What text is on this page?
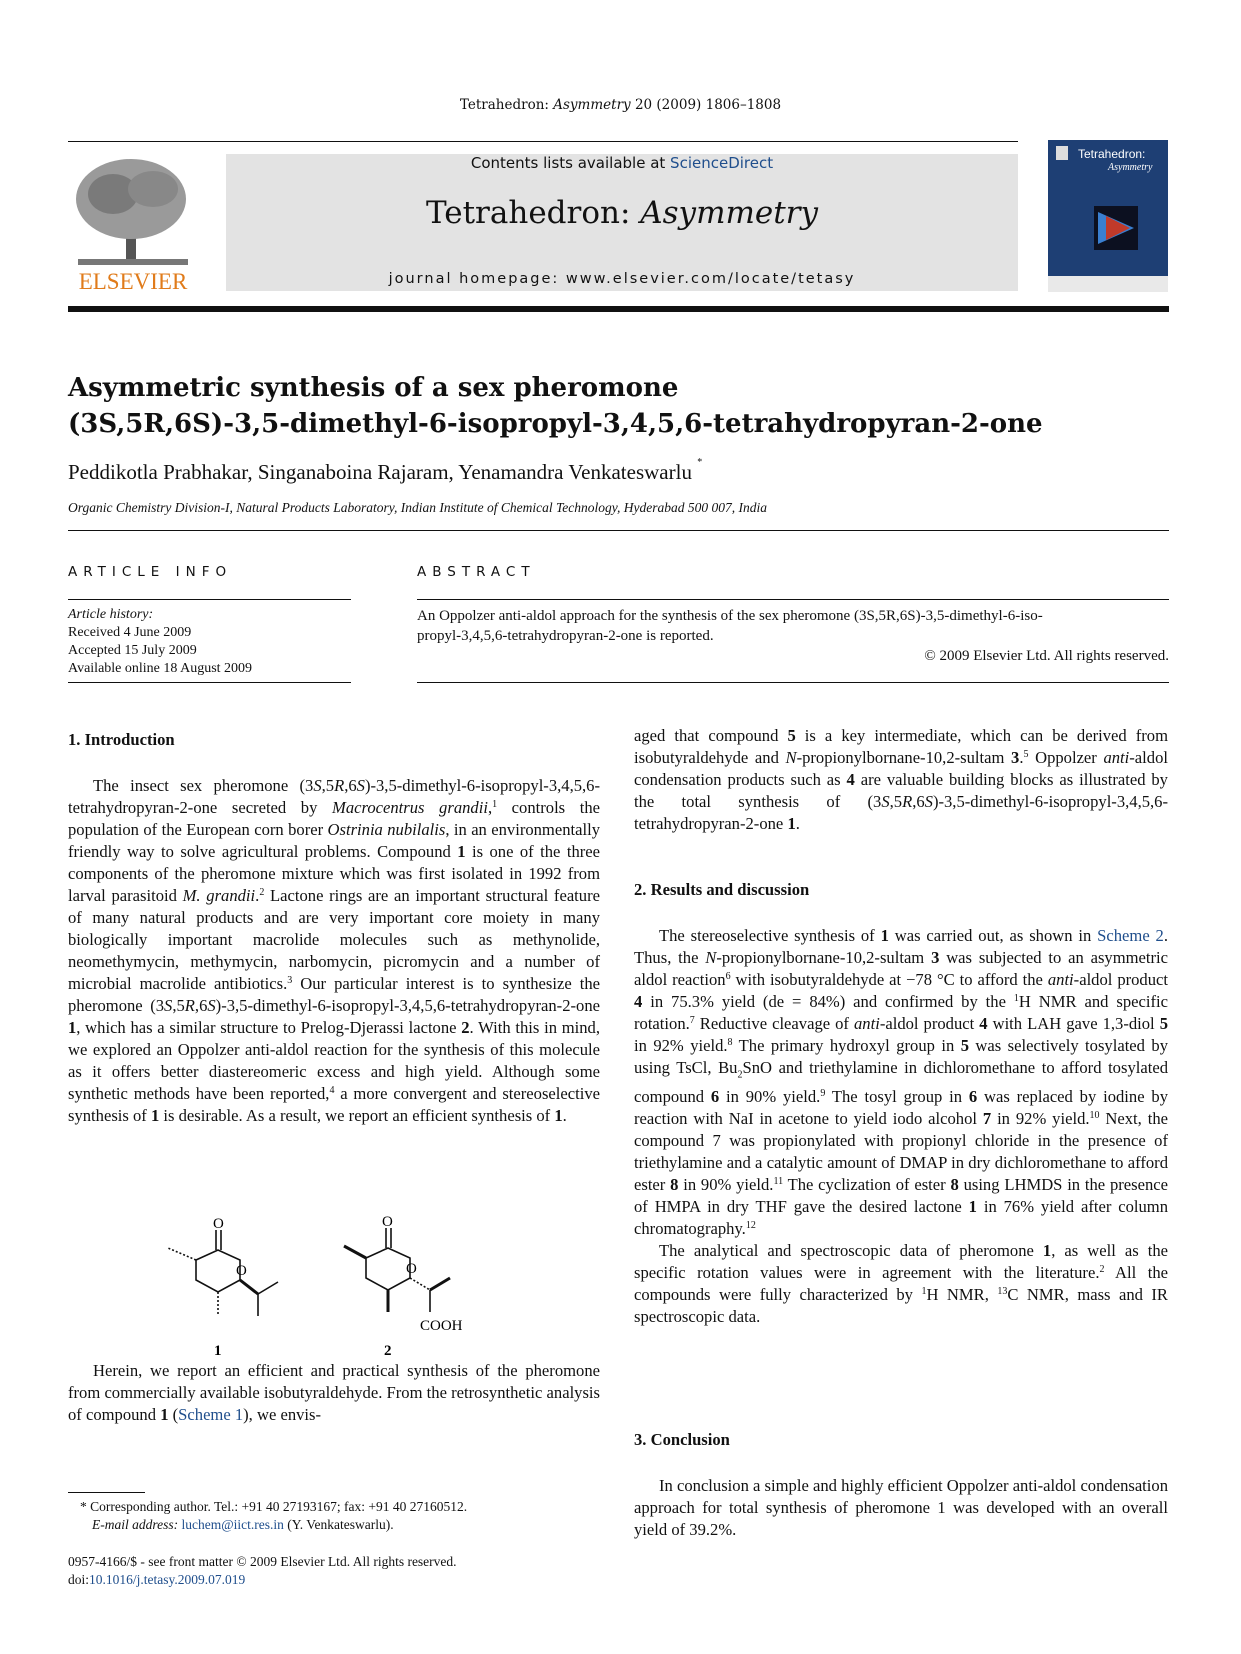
Tetrahedron: Asymmetry 20 (2009) 1806–1808
ELSEVIER
Contents lists available at ScienceDirect
Tetrahedron: Asymmetry
journal homepage: www.elsevier.com/locate/tetasy
Tetrahedron:
Asymmetry
Asymmetric synthesis of a sex pheromone
(3S,5R,6S)-3,5-dimethyl-6-isopropyl-3,4,5,6-tetrahydropyran-2-one
Peddikotla Prabhakar, Singanaboina Rajaram, Yenamandra Venkateswarlu *
Organic Chemistry Division-I, Natural Products Laboratory, Indian Institute of Chemical Technology, Hyderabad 500 007, India
ARTICLE INFO
Article history:
Received 4 June 2009
Accepted 15 July 2009
Available online 18 August 2009
ABSTRACT
An Oppolzer anti-aldol approach for the synthesis of the sex pheromone (3S,5R,6S)-3,5-dimethyl-6-iso-
propyl-3,4,5,6-tetrahydropyran-2-one is reported.
© 2009 Elsevier Ltd. All rights reserved.
1. Introduction

The insect sex pheromone (3S,5R,6S)-3,5-dimethyl-6-isopropyl-3,4,5,6-tetrahydropyran-2-one secreted by Macrocentrus grandii,$^1$ controls the population of the European corn borer Ostrinia nubilalis, in an environmentally friendly way to solve agricultural problems. Compound 1 is one of the three components of the pheromone mixture which was first isolated in 1992 from larval parasitoid M. grandii.$^2$ Lactone rings are an important structural feature of many natural products and are very important core moiety in many biologically important macrolide molecules such as methynolide, neomethymycin, methymycin, narbomycin, picromycin and a number of microbial macrolide antibiotics.$^3$ Our particular interest is to synthesize the pheromone (3S,5R,6S)-3,5-dimethyl-6-isopropyl-3,4,5,6-tetrahydropyran-2-one 1, which has a similar structure to Prelog-Djerassi lactone 2. With this in mind, we explored an Oppolzer anti-aldol reaction for the synthesis of this molecule as it offers better diastereomeric excess and high yield. Although some synthetic methods have been reported,$^4$ a more convergent and stereoselective synthesis of 1 is desirable. As a result, we report an efficient synthesis of 1.

O
O
O
O
COOH
1	2

Herein, we report an efficient and practical synthesis of the pheromone from commercially available isobutyraldehyde. From the retrosynthetic analysis of compound 1 (Scheme 1), we envis-

* Corresponding author. Tel.: +91 40 27193167; fax: +91 40 27160512.
E-mail address: luchem@iict.res.in (Y. Venkateswarlu).
0957-4166/$ - see front matter © 2009 Elsevier Ltd. All rights reserved.
doi:10.1016/j.tetasy.2009.07.019

aged that compound 5 is a key intermediate, which can be derived from isobutyraldehyde and N-propionylbornane-10,2-sultam 3.$^5$ Oppolzer anti-aldol condensation products such as 4 are valuable building blocks as illustrated by the total synthesis of (3S,5R,6S)-3,5-dimethyl-6-isopropyl-3,4,5,6-tetrahydropyran-2-one 1.

2. Results and discussion

The stereoselective synthesis of 1 was carried out, as shown in Scheme 2. Thus, the N-propionylbornane-10,2-sultam 3 was subjected to an asymmetric aldol reaction$^6$ with isobutyraldehyde at −78 °C to afford the anti-aldol product 4 in 75.3% yield (de = 84%) and confirmed by the $^1$H NMR and specific rotation.$^7$ Reductive cleavage of anti-aldol product 4 with LAH gave 1,3-diol 5 in 92% yield.$^8$ The primary hydroxyl group in 5 was selectively tosylated by using TsCl, $Bu_2SnO$ and triethylamine in dichloromethane to afford tosylated compound 6 in 90% yield.$^9$ The tosyl group in 6 was replaced by iodine by reaction with NaI in acetone to yield iodo alcohol 7 in 92% yield.$^{10}$ Next, the compound 7 was propionylated with propionyl chloride in the presence of triethylamine and a catalytic amount of DMAP in dry dichloromethane to afford ester 8 in 90% yield.$^{11}$ The cyclization of ester 8 using LHMDS in the presence of HMPA in dry THF gave the desired lactone 1 in 76% yield after column chromatography.$^{12}$

The analytical and spectroscopic data of pheromone 1, as well as the specific rotation values were in agreement with the literature.$^2$ All the compounds were fully characterized by $^1$H NMR, $^{13}$C NMR, mass and IR spectroscopic data.

3. Conclusion

In conclusion a simple and highly efficient Oppolzer anti-aldol condensation approach for total synthesis of pheromone 1 was developed with an overall yield of 39.2%.
